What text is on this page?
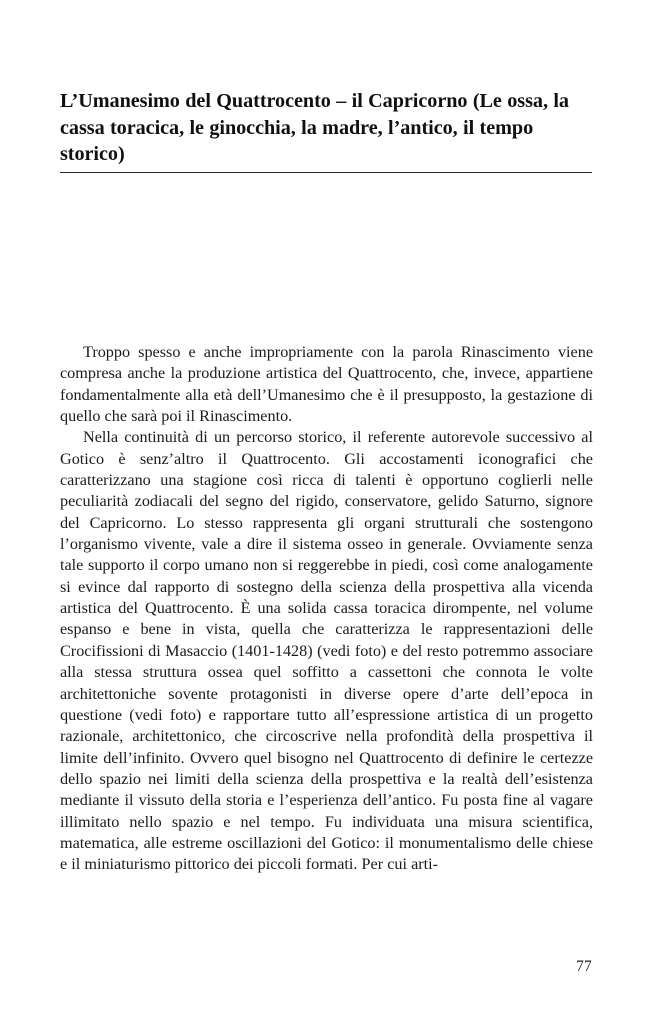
L’Umanesimo del Quattrocento – il Capricorno (Le ossa, la cassa toracica, le ginocchia, la madre, l’antico, il tempo storico)

Troppo spesso e anche impropriamente con la parola Rinascimento viene compresa anche la produzione artistica del Quattrocento, che, invece, appartiene fondamentalmente alla età dell’Umanesimo che è il presupposto, la gestazione di quello che sarà poi il Rinascimento.

Nella continuità di un percorso storico, il referente autorevole successivo al Gotico è senz’altro il Quattrocento. Gli accostamenti iconografici che caratterizzano una stagione così ricca di talenti è opportuno coglierli nelle peculiarità zodiacali del segno del rigido, conservatore, gelido Saturno, signore del Capricorno. Lo stesso rappresenta gli organi strutturali che sostengono l’organismo vivente, vale a dire il sistema osseo in generale. Ovviamente senza tale supporto il corpo umano non si reggerebbe in piedi, così come analogamente si evince dal rapporto di sostegno della scienza della prospettiva alla vicenda artistica del Quattrocento. È una solida cassa toracica dirompente, nel volume espanso e bene in vista, quella che caratterizza le rappresentazioni delle Crocifissioni di Masaccio (1401-1428) (vedi foto) e del resto potremmo associare alla stessa struttura ossea quel soffitto a cassettoni che connota le volte architettoniche sovente protagonisti in diverse opere d’arte dell’epoca in questione (vedi foto) e rapportare tutto all’espressione artistica di un progetto razionale, architettonico, che circoscrive nella profondità della prospettiva il limite dell’infinito. Ovvero quel bisogno nel Quattrocento di definire le certezze dello spazio nei limiti della scienza della prospettiva e la realtà dell’esistenza mediante il vissuto della storia e l’esperienza dell’antico. Fu posta fine al vagare illimitato nello spazio e nel tempo. Fu individuata una misura scientifica, matematica, alle estreme oscillazioni del Gotico: il monumentalismo delle chiese e il miniaturismo pittorico dei piccoli formati. Per cui arti-

77
